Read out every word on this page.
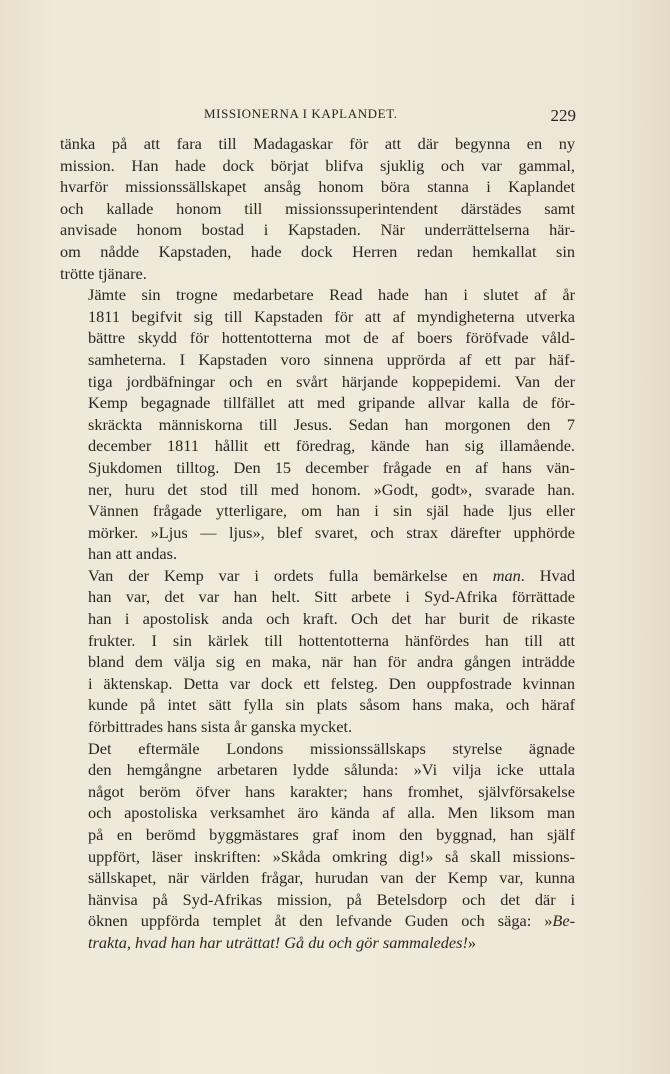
MISSIONERNA I KAPLANDET.	229

tänka på att fara till Madagaskar för att där begynna en ny
mission. Han hade dock börjat blifva sjuklig och var gammal,
hvarför missionssällskapet ansåg honom böra stanna i Kaplandet
och kallade honom till missionssuperintendent därstädes samt
anvisade honom bostad i Kapstaden. När underrättelserna här-
om nådde Kapstaden, hade dock Herren redan hemkallat sin
trötte tjänare.

Jämte sin trogne medarbetare Read hade han i slutet af år
1811 begifvit sig till Kapstaden för att af myndigheterna utverka
bättre skydd för hottentotterna mot de af boers föröfvade våld-
samheterna. I Kapstaden voro sinnena upprörda af ett par häf-
tiga jordbäfningar och en svårt härjande koppepidemi. Van der
Kemp begagnade tillfället att med gripande allvar kalla de för-
skräckta människorna till Jesus. Sedan han morgonen den 7
december 1811 hållit ett föredrag, kände han sig illamående.
Sjukdomen tilltog. Den 15 december frågade en af hans vän-
ner, huru det stod till med honom. »Godt, godt», svarade han.
Vännen frågade ytterligare, om han i sin själ hade ljus eller
mörker. »Ljus — ljus», blef svaret, och strax därefter upphörde
han att andas.

Van der Kemp var i ordets fulla bemärkelse en man. Hvad
han var, det var han helt. Sitt arbete i Syd-Afrika förrättade
han i apostolisk anda och kraft. Och det har burit de rikaste
frukter. I sin kärlek till hottentotterna hänfördes han till att
bland dem välja sig en maka, när han för andra gången inträdde
i äktenskap. Detta var dock ett felsteg. Den ouppfostrade kvinnan
kunde på intet sätt fylla sin plats såsom hans maka, och häraf
förbittrades hans sista år ganska mycket.

Det eftermäle Londons missionssällskaps styrelse ägnade
den hemgångne arbetaren lydde sålunda: »Vi vilja icke uttala
något beröm öfver hans karakter; hans fromhet, självförsakelse
och apostoliska verksamhet äro kända af alla. Men liksom man
på en berömd byggmästares graf inom den byggnad, han själf
uppfört, läser inskriften: »Skåda omkring dig!» så skall missions-
sällskapet, när världen frågar, hurudan van der Kemp var, kunna
hänvisa på Syd-Afrikas mission, på Betelsdorp och det där i
öknen uppförda templet åt den lefvande Guden och säga: »Be-
trakta, hvad han har uträttat! Gå du och gör sammaledes!»
